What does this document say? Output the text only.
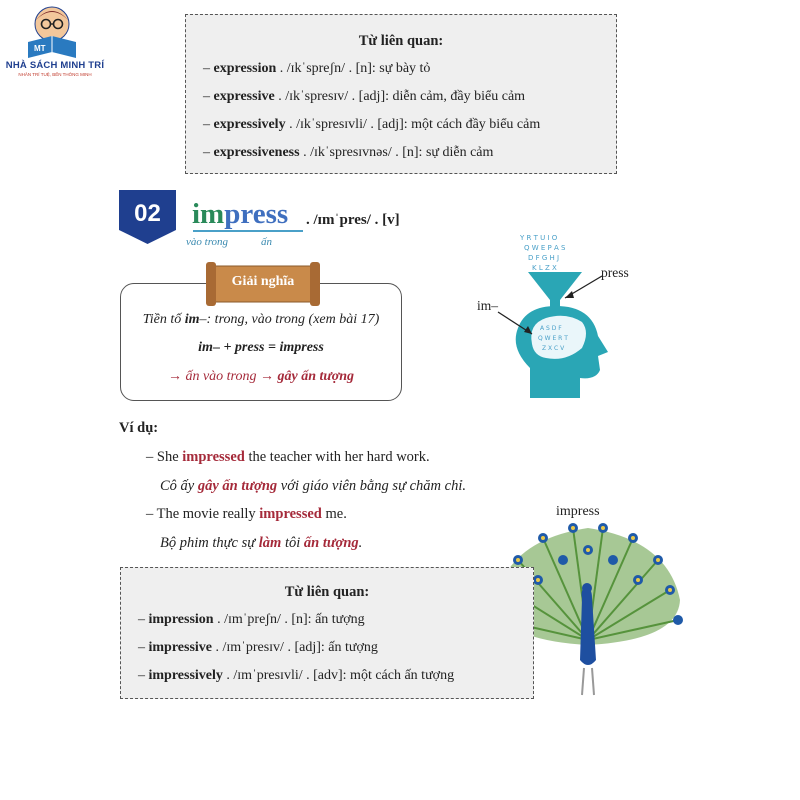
MT
NHÀ SÁCH MINH TRÍ
NHÂN TRÍ TUỆ, BẾN THÔNG MINH
Từ liên quan:
– expression . /ɪkˈspreʃn/ . [n]: sự bày tỏ
– expressive . /ɪkˈspresɪv/ . [adj]: diễn cảm, đầy biểu cảm
– expressively . /ɪkˈspresɪvli/ . [adj]: một cách đầy biểu cảm
– expressiveness . /ɪkˈspresɪvnəs/ . [n]: sự diễn cảm
02	impress . /ɪmˈpres/ . [v]
vào trong	ấn
Tiền tố im–: trong, vào trong (xem bài 17)
im– + press = impress
→ ấn vào trong → gây ấn tượng
Giải nghĩa
Y R T U I O
Q W E P A S
D F G H J
K L Z X
A S D F
Q W E R T
Z X C V
press
im–
Ví dụ:
– She impressed the teacher with her hard work.
Cô ấy gây ấn tượng với giáo viên bằng sự chăm chỉ.
– The movie really impressed me.
Bộ phim thực sự làm tôi ấn tượng.
impress
Từ liên quan:
– impression . /ɪmˈpreʃn/ . [n]: ấn tượng
– impressive . /ɪmˈpresɪv/ . [adj]: ấn tượng
– impressively . /ɪmˈpresɪvli/ . [adv]: một cách ấn tượng
